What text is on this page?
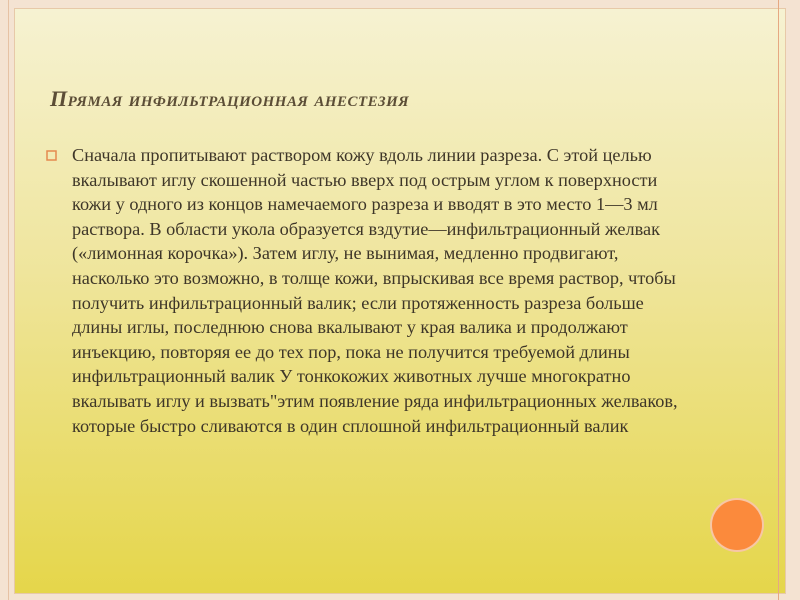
Прямая инфильтрационная анестезия
Сначала пропитывают раствором кожу вдоль линии разреза. С этой целью вкалывают иглу скошенной частью вверх под острым углом к поверхности кожи у одного из концов намечаемого разреза и вводят в это место 1—3 мл раствора. В области укола образуется вздутие—инфильтрационный желвак («лимонная корочка»). Затем иглу, не вынимая, медленно продвигают, насколько это возможно, в толще кожи, впрыскивая все время раствор, чтобы получить инфильтрационный валик; если протяженность разреза больше длины иглы, последнюю снова вкалывают у края валика и продолжают инъекцию, повторяя ее до тех пор, пока не получится требуемой длины инфильтрационный валик У тонкокожих животных лучше многократно вкалывать иглу и вызвать"этим появление ряда инфильтрационных желваков, которые быстро сливаются в один сплошной инфильтрационный валик
